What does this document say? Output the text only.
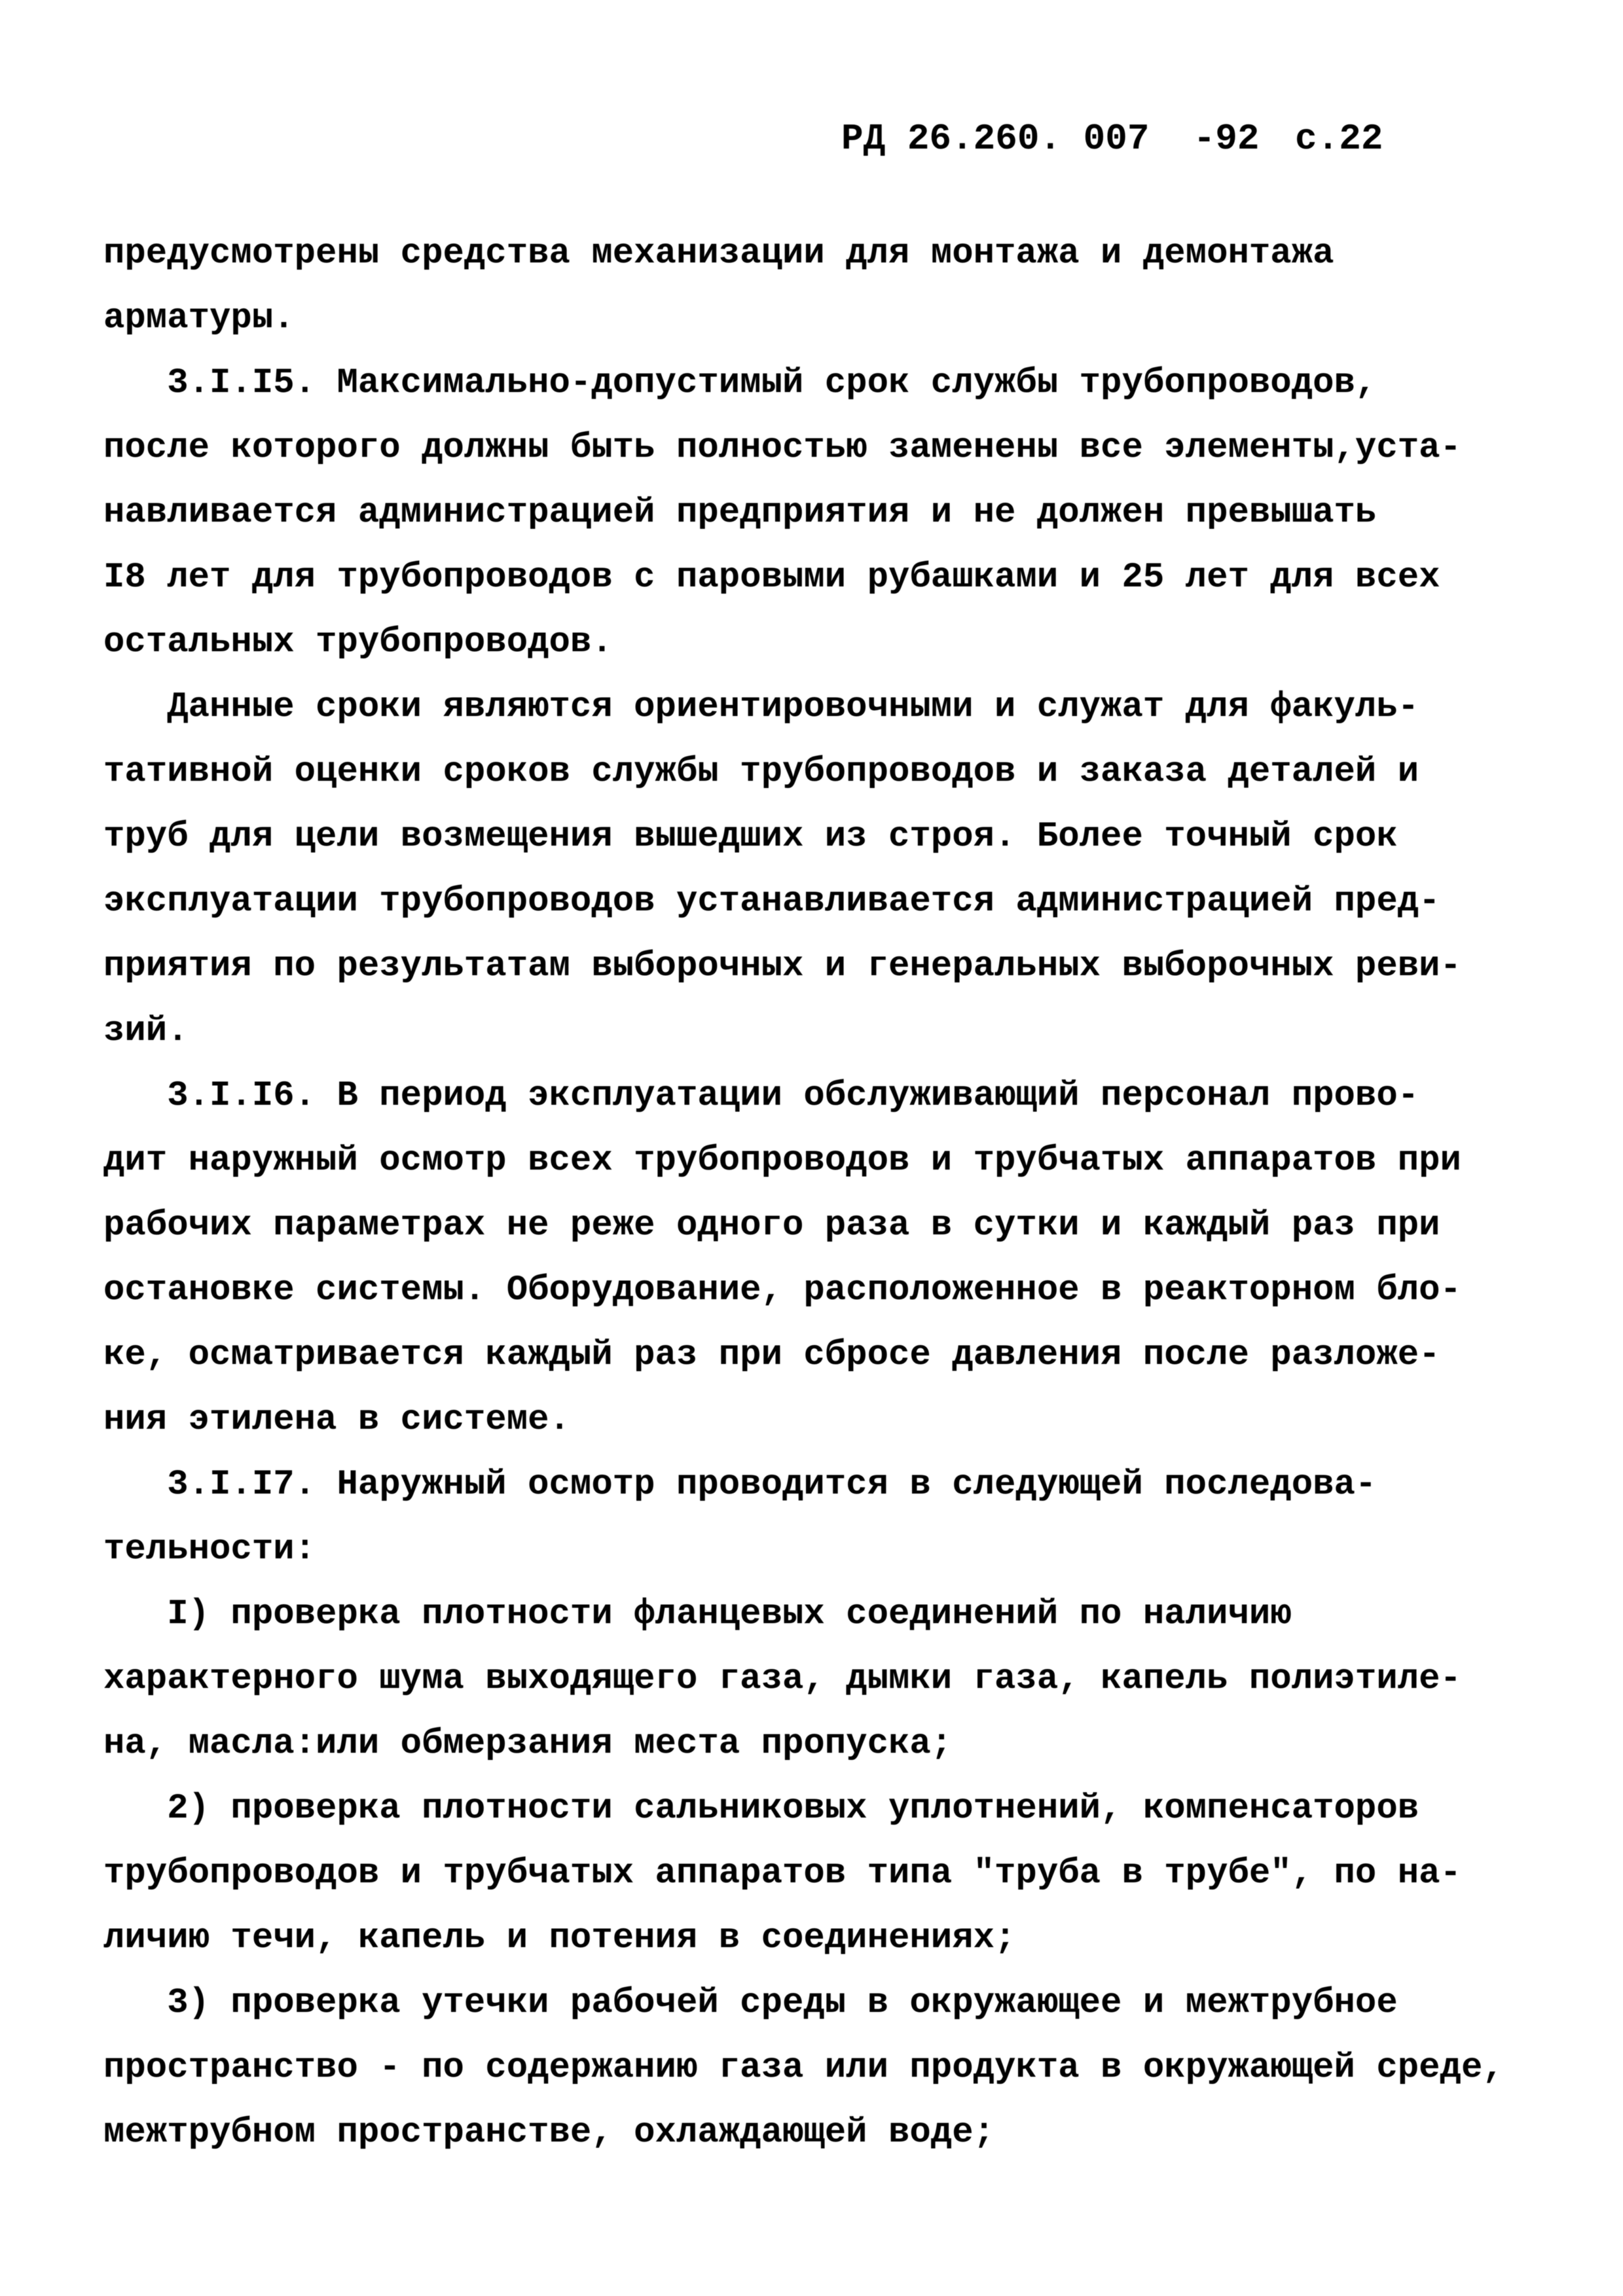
РД 26.260. 007  -92

с.22

предусмотрены средства механизации для монтажа и демонтажа
арматуры.
3.I.I5. Максимально-допустимый срок службы трубопроводов,
после которого должны быть полностью заменены все элементы,уста-
навливается администрацией предприятия и не должен превышать
I8 лет для трубопроводов с паровыми рубашками и 25 лет для всех
остальных трубопроводов.
Данные сроки являются ориентировочными и служат для факуль-
тативной оценки сроков службы трубопроводов и заказа деталей и
труб для цели возмещения вышедших из строя. Более точный срок
эксплуатации трубопроводов устанавливается администрацией пред-
приятия по результатам выборочных и генеральных выборочных реви-
зий.
3.I.I6. В период эксплуатации обслуживающий персонал прово-
дит наружный осмотр всех трубопроводов и трубчатых аппаратов при
рабочих параметрах не реже одного раза в сутки и каждый раз при
остановке системы. Оборудование, расположенное в реакторном бло-
ке, осматривается каждый раз при сбросе давления после разложе-
ния этилена в системе.
3.I.I7. Наружный осмотр проводится в следующей последова-
тельности:
I) проверка плотности фланцевых соединений по наличию
характерного шума выходящего газа, дымки газа, капель полиэтиле-
на, масла:или обмерзания места пропуска;
2) проверка плотности сальниковых уплотнений, компенсаторов
трубопроводов и трубчатых аппаратов типа "труба в трубе", по на-
личию течи, капель и потения в соединениях;
3) проверка утечки рабочей среды в окружающее и межтрубное
пространство - по содержанию газа или продукта в окружающей среде,
межтрубном пространстве, охлаждающей воде;
